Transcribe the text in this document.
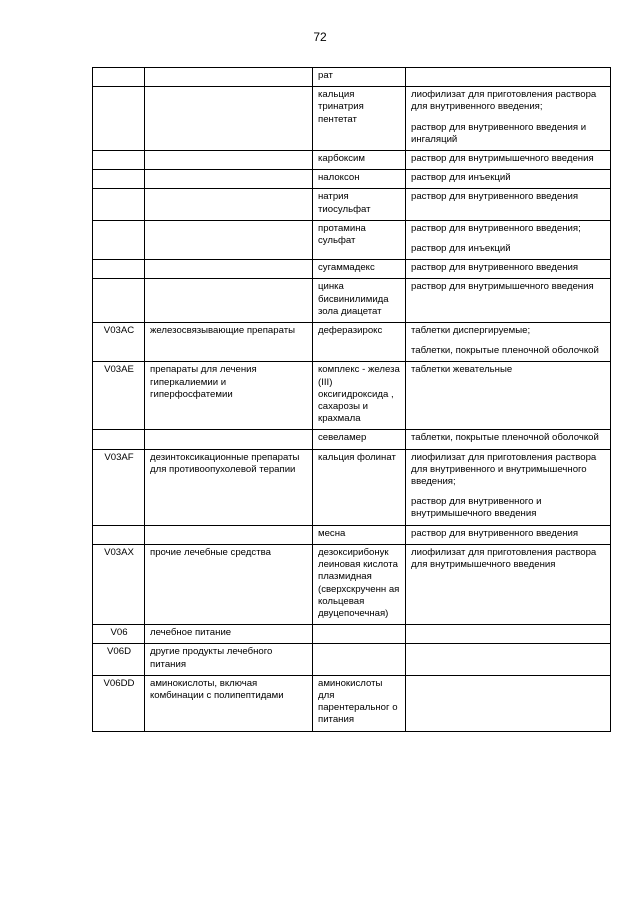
72
		рат	
		кальция тринатрия пентетат	лиофилизат для приготовления раствора для внутривенного введения;
раствор для внутривенного введения и ингаляций

		карбоксим	раствор для внутримышечного введения

		налоксон	раствор для инъекций

		натрия тиосульфат	раствор для внутривенного введения

		протамина сульфат	раствор для внутривенного введения;
раствор для инъекций

		сугаммадекс	раствор для внутривенного введения

		цинка бисвинилимида зола диацетат	раствор для внутримышечного введения

V03AC	железосвязывающие препараты	деферазирокс	таблетки диспергируемые;
таблетки, покрытые пленочной оболочкой

V03AE	препараты для лечения гиперкалиемии и гиперфосфатемии	комплекс - железа (III) оксигидроксида , сахарозы и крахмала	таблетки жевательные

		севеламер	таблетки, покрытые пленочной оболочкой

V03AF	дезинтоксикационные препараты для противоопухолевой терапии	кальция фолинат	лиофилизат для приготовления раствора для внутривенного и внутримышечного введения;
раствор для внутривенного и внутримышечного введения

		месна	раствор для внутривенного введения

V03AX	прочие лечебные средства	дезоксирибонук леиновая кислота плазмидная (сверхскрученн ая кольцевая двуцепочечная)	лиофилизат для приготовления раствора для внутримышечного введения

V06	лечебное питание		
V06D	другие продукты лечебного питания		
V06DD	аминокислоты, включая комбинации с полипептидами	аминокислоты для парентеральног о питания	
